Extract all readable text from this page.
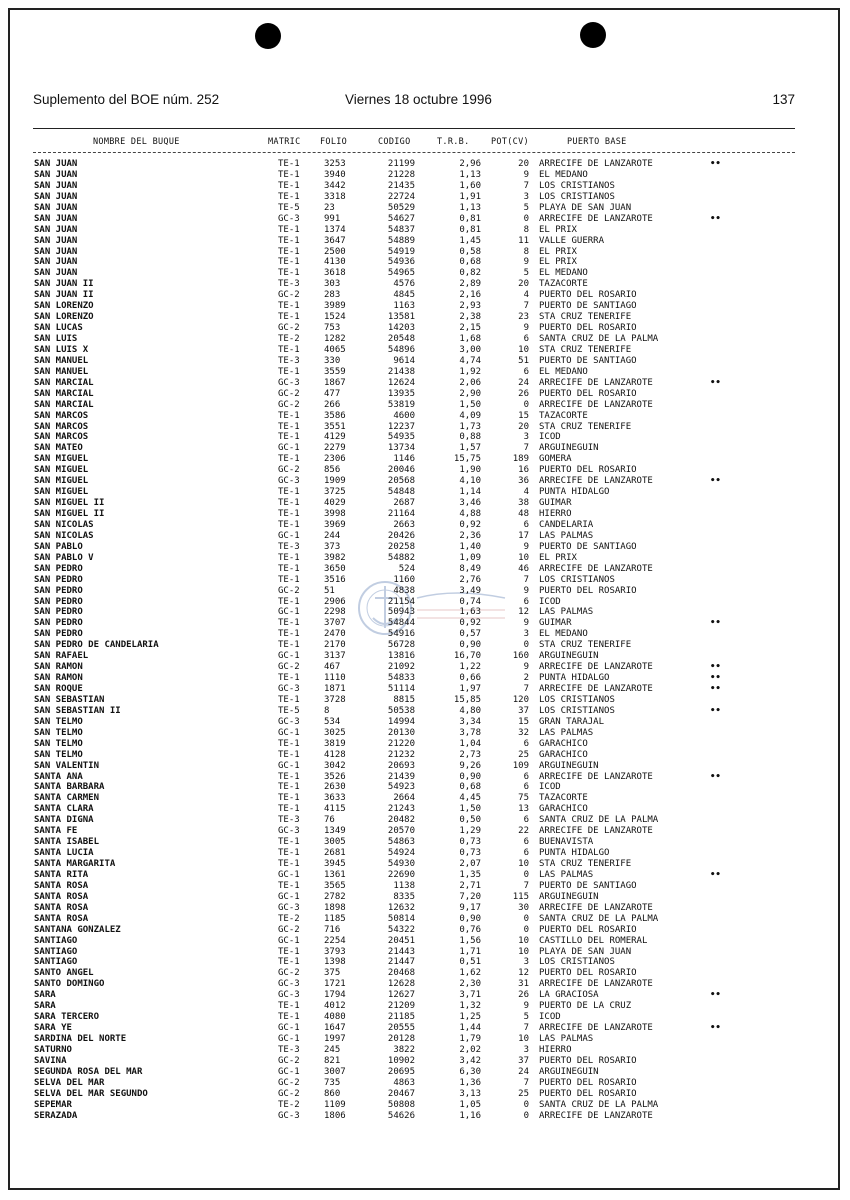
Suplemento del BOE núm. 252	Viernes 18 octubre 1996	137
NOMBRE DEL BUQUE	MATRIC FOLIO	CODIGO	T.R.B.	POT(CV)	PUERTO BASE
SAN JUAN	TE-1	3253	21199	2,96	20 ARRECIFE DE LANZAROTE	••
SAN JUAN	TE-1	3940	21228	1,13	9 EL MEDANO
SAN JUAN	TE-1	3442	21435	1,60	7 LOS CRISTIANOS
SAN JUAN	TE-1	3318	22724	1,91	3 LOS CRISTIANOS
SAN JUAN	TE-5	23	50529	1,13	5 PLAYA DE SAN JUAN
SAN JUAN	GC-3	991	54627	0,81	0 ARRECIFE DE LANZAROTE	••
SAN JUAN	TE-1	1374	54837	0,81	8 EL PRIX
SAN JUAN	TE-1	3647	54889	1,45	11 VALLE GUERRA
SAN JUAN	TE-1	2500	54919	0,58	8 EL PRIX
SAN JUAN	TE-1	4130	54936	0,68	9 EL PRIX
SAN JUAN	TE-1	3618	54965	0,82	5 EL MEDANO
SAN JUAN II	TE-3	303	4576	2,89	20 TAZACORTE
SAN JUAN II	GC-2	283	4845	2,16	4 PUERTO DEL ROSARIO
SAN LORENZO	TE-1	3989	1163	2,93	7 PUERTO DE SANTIAGO
SAN LORENZO	TE-1	1524	13581	2,38	23 STA CRUZ TENERIFE
SAN LUCAS	GC-2	753	14203	2,15	9 PUERTO DEL ROSARIO
SAN LUIS	TE-2	1282	20548	1,68	6 SANTA CRUZ DE LA PALMA
SAN LUIS X	TE-1	4065	54896	3,00	10 STA CRUZ TENERIFE
SAN MANUEL	TE-3	330	9614	4,74	51 PUERTO DE SANTIAGO
SAN MANUEL	TE-1	3559	21438	1,92	6 EL MEDANO
SAN MARCIAL	GC-3	1867	12624	2,06	24 ARRECIFE DE LANZAROTE	••
SAN MARCIAL	GC-2	477	13935	2,90	26 PUERTO DEL ROSARIO
SAN MARCIAL	GC-2	266	53819	1,50	0 ARRECIFE DE LANZAROTE
SAN MARCOS	TE-1	3586	4600	4,09	15 TAZACORTE
SAN MARCOS	TE-1	3551	12237	1,73	20 STA CRUZ TENERIFE
SAN MARCOS	TE-1	4129	54935	0,88	3 ICOD
SAN MATEO	GC-1	2279	13734	1,57	7 ARGUINEGUIN
SAN MIGUEL	TE-1	2306	1146	15,75	189 GOMERA
SAN MIGUEL	GC-2	856	20046	1,90	16 PUERTO DEL ROSARIO
SAN MIGUEL	GC-3	1909	20568	4,10	36 ARRECIFE DE LANZAROTE	••
SAN MIGUEL	TE-1	3725	54848	1,14	4 PUNTA HIDALGO
SAN MIGUEL II	TE-1	4029	2687	3,46	38 GUIMAR
SAN MIGUEL II	TE-1	3998	21164	4,88	48 HIERRO
SAN NICOLAS	TE-1	3969	2663	0,92	6 CANDELARIA
SAN NICOLAS	GC-1	244	20426	2,36	17 LAS PALMAS
SAN PABLO	TE-3	373	20258	1,40	9 PUERTO DE SANTIAGO
SAN PABLO V	TE-1	3982	54882	1,09	10 EL PRIX
SAN PEDRO	TE-1	3650	524	8,49	46 ARRECIFE DE LANZAROTE
SAN PEDRO	TE-1	3516	1160	2,76	7 LOS CRISTIANOS
SAN PEDRO	GC-2	51	4838	3,49	9 PUERTO DEL ROSARIO
SAN PEDRO	TE-1	2906	21154	0,74	6 ICOD
SAN PEDRO	GC-1	2298	50943	1,63	12 LAS PALMAS
SAN PEDRO	TE-1	3707	54844	0,92	9 GUIMAR	••
SAN PEDRO	TE-1	2470	54916	0,57	3 EL MEDANO
SAN PEDRO DE CANDELARIA	TE-1	2170	56728	0,90	0 STA CRUZ TENERIFE
SAN RAFAEL	GC-1	3137	13816	16,70	160 ARGUINEGUIN
SAN RAMON	GC-2	467	21092	1,22	9 ARRECIFE DE LANZAROTE	••
SAN RAMON	TE-1	1110	54833	0,66	2 PUNTA HIDALGO	••
SAN ROQUE	GC-3	1871	51114	1,97	7 ARRECIFE DE LANZAROTE	••
SAN SEBASTIAN	TE-1	3728	8815	15,85	120 LOS CRISTIANOS
SAN SEBASTIAN II	TE-5	8	50538	4,80	37 LOS CRISTIANOS	••
SAN TELMO	GC-3	534	14994	3,34	15 GRAN TARAJAL
SAN TELMO	GC-1	3025	20130	3,78	32 LAS PALMAS
SAN TELMO	TE-1	3819	21220	1,04	6 GARACHICO
SAN TELMO	TE-1	4128	21232	2,73	25 GARACHICO
SAN VALENTIN	GC-1	3042	20693	9,26	109 ARGUINEGUIN
SANTA ANA	TE-1	3526	21439	0,90	6 ARRECIFE DE LANZAROTE	••
SANTA BARBARA	TE-1	2630	54923	0,68	6 ICOD
SANTA CARMEN	TE-1	3633	2664	4,45	75 TAZACORTE
SANTA CLARA	TE-1	4115	21243	1,50	13 GARACHICO
SANTA DIGNA	TE-3	76	20482	0,50	6 SANTA CRUZ DE LA PALMA
SANTA FE	GC-3	1349	20570	1,29	22 ARRECIFE DE LANZAROTE
SANTA ISABEL	TE-1	3005	54863	0,73	6 BUENAVISTA
SANTA LUCIA	TE-1	2681	54924	0,73	6 PUNTA HIDALGO
SANTA MARGARITA	TE-1	3945	54930	2,07	10 STA CRUZ TENERIFE
SANTA RITA	GC-1	1361	22690	1,35	0 LAS PALMAS	••
SANTA ROSA	TE-1	3565	1138	2,71	7 PUERTO DE SANTIAGO
SANTA ROSA	GC-1	2782	8335	7,20	115 ARGUINEGUIN
SANTA ROSA	GC-3	1898	12632	9,17	30 ARRECIFE DE LANZAROTE
SANTA ROSA	TE-2	1185	50814	0,90	0 SANTA CRUZ DE LA PALMA
SANTANA GONZALEZ	GC-2	716	54322	0,76	0 PUERTO DEL ROSARIO
SANTIAGO	GC-1	2254	20451	1,56	10 CASTILLO DEL ROMERAL
SANTIAGO	TE-1	3793	21443	1,71	10 PLAYA DE SAN JUAN
SANTIAGO	TE-1	1398	21447	0,51	3 LOS CRISTIANOS
SANTO ANGEL	GC-2	375	20468	1,62	12 PUERTO DEL ROSARIO
SANTO DOMINGO	GC-3	1721	12628	2,30	31 ARRECIFE DE LANZAROTE
SARA	GC-3	1794	12627	3,71	26 LA GRACIOSA	••
SARA	TE-1	4012	21209	1,32	9 PUERTO DE LA CRUZ
SARA TERCERO	TE-1	4080	21185	1,25	5 ICOD
SARA YE	GC-1	1647	20555	1,44	7 ARRECIFE DE LANZAROTE	••
SARDINA DEL NORTE	GC-1	1997	20128	1,79	10 LAS PALMAS
SATURNO	TE-3	245	3822	2,02	3 HIERRO
SAVINA	GC-2	821	10902	3,42	37 PUERTO DEL ROSARIO
SEGUNDA ROSA DEL MAR	GC-1	3007	20695	6,30	24 ARGUINEGUIN
SELVA DEL MAR	GC-2	735	4863	1,36	7 PUERTO DEL ROSARIO
SELVA DEL MAR SEGUNDO	GC-2	860	20467	3,13	25 PUERTO DEL ROSARIO
SEPEMAR	TE-2	1109	50808	1,05	0 SANTA CRUZ DE LA PALMA
SERAZADA	GC-3	1806	54626	1,16	0 ARRECIFE DE LANZAROTE
